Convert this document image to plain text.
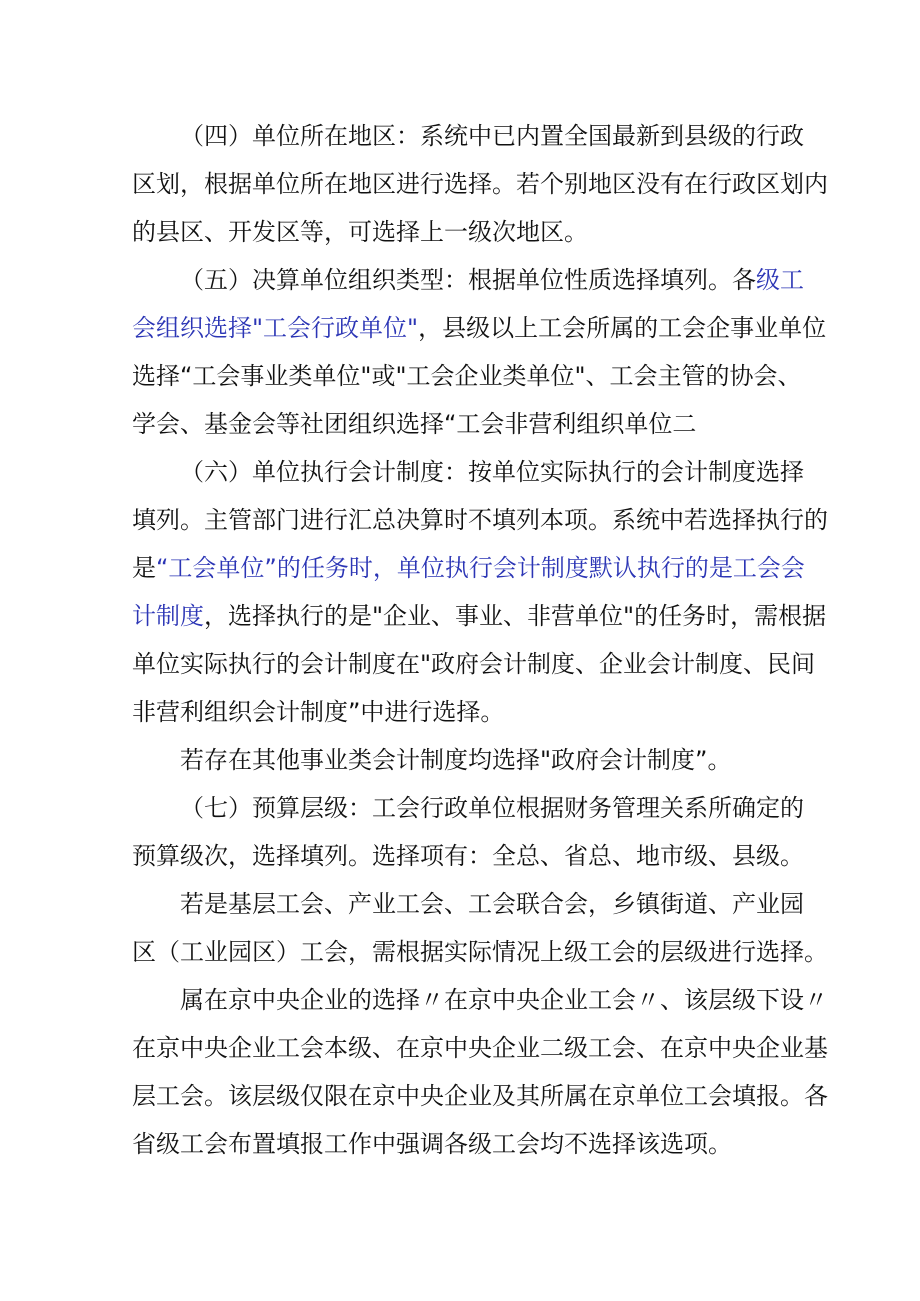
（四）单位所在地区：系统中已内置全国最新到县级的行政
区划，根据单位所在地区进行选择。若个别地区没有在行政区划内
的县区、开发区等，可选择上一级次地区。
（五）决算单位组织类型：根据单位性质选择填列。各级工
会组织选择"工会行政单位"，县级以上工会所属的工会企事业单位
选择“工会事业类单位"或"工会企业类单位"、工会主管的协会、
学会、基金会等社团组织选择“工会非营利组织单位二
（六）单位执行会计制度：按单位实际执行的会计制度选择
填列。主管部门进行汇总决算时不填列本项。系统中若选择执行的
是“工会单位”的任务时，单位执行会计制度默认执行的是工会会
计制度，选择执行的是"企业、事业、非营单位"的任务时，需根据
单位实际执行的会计制度在"政府会计制度、企业会计制度、民间
非营利组织会计制度”中进行选择。
若存在其他事业类会计制度均选择"政府会计制度”。
（七）预算层级：工会行政单位根据财务管理关系所确定的
预算级次，选择填列。选择项有：全总、省总、地市级、县级。
若是基层工会、产业工会、工会联合会，乡镇街道、产业园
区（工业园区）工会，需根据实际情况上级工会的层级进行选择。
属在京中央企业的选择〃在京中央企业工会〃、该层级下设〃
在京中央企业工会本级、在京中央企业二级工会、在京中央企业基
层工会。该层级仅限在京中央企业及其所属在京单位工会填报。各
省级工会布置填报工作中强调各级工会均不选择该选项。
